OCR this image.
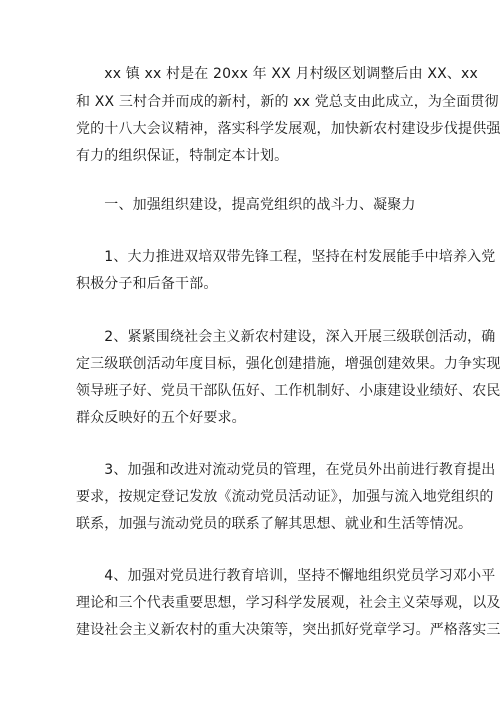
　　xx 镇 xx 村是在 20xx 年 XX 月村级区划调整后由 XX、xx
和 XX 三村合并而成的新村，新的 xx 党总支由此成立，为全面贯彻
党的十八大会议精神，落实科学发展观，加快新农村建设步伐提供强
有力的组织保证，特制定本计划。
　　一、加强组织建设，提高党组织的战斗力、凝聚力
　　1、大力推进双培双带先锋工程，坚持在村发展能手中培养入党
积极分子和后备干部。
　　2、紧紧围绕社会主义新农村建设，深入开展三级联创活动，确
定三级联创活动年度目标，强化创建措施，增强创建效果。力争实现
领导班子好、党员干部队伍好、工作机制好、小康建设业绩好、农民
群众反映好的五个好要求。
　　3、加强和改进对流动党员的管理，在党员外出前进行教育提出
要求，按规定登记发放《流动党员活动证》，加强与流入地党组织的
联系，加强与流动党员的联系了解其思想、就业和生活等情况。
　　4、加强对党员进行教育培训，坚持不懈地组织党员学习邓小平
理论和三个代表重要思想，学习科学发展观，社会主义荣辱观，以及
建设社会主义新农村的重大决策等，突出抓好党章学习。严格落实三
